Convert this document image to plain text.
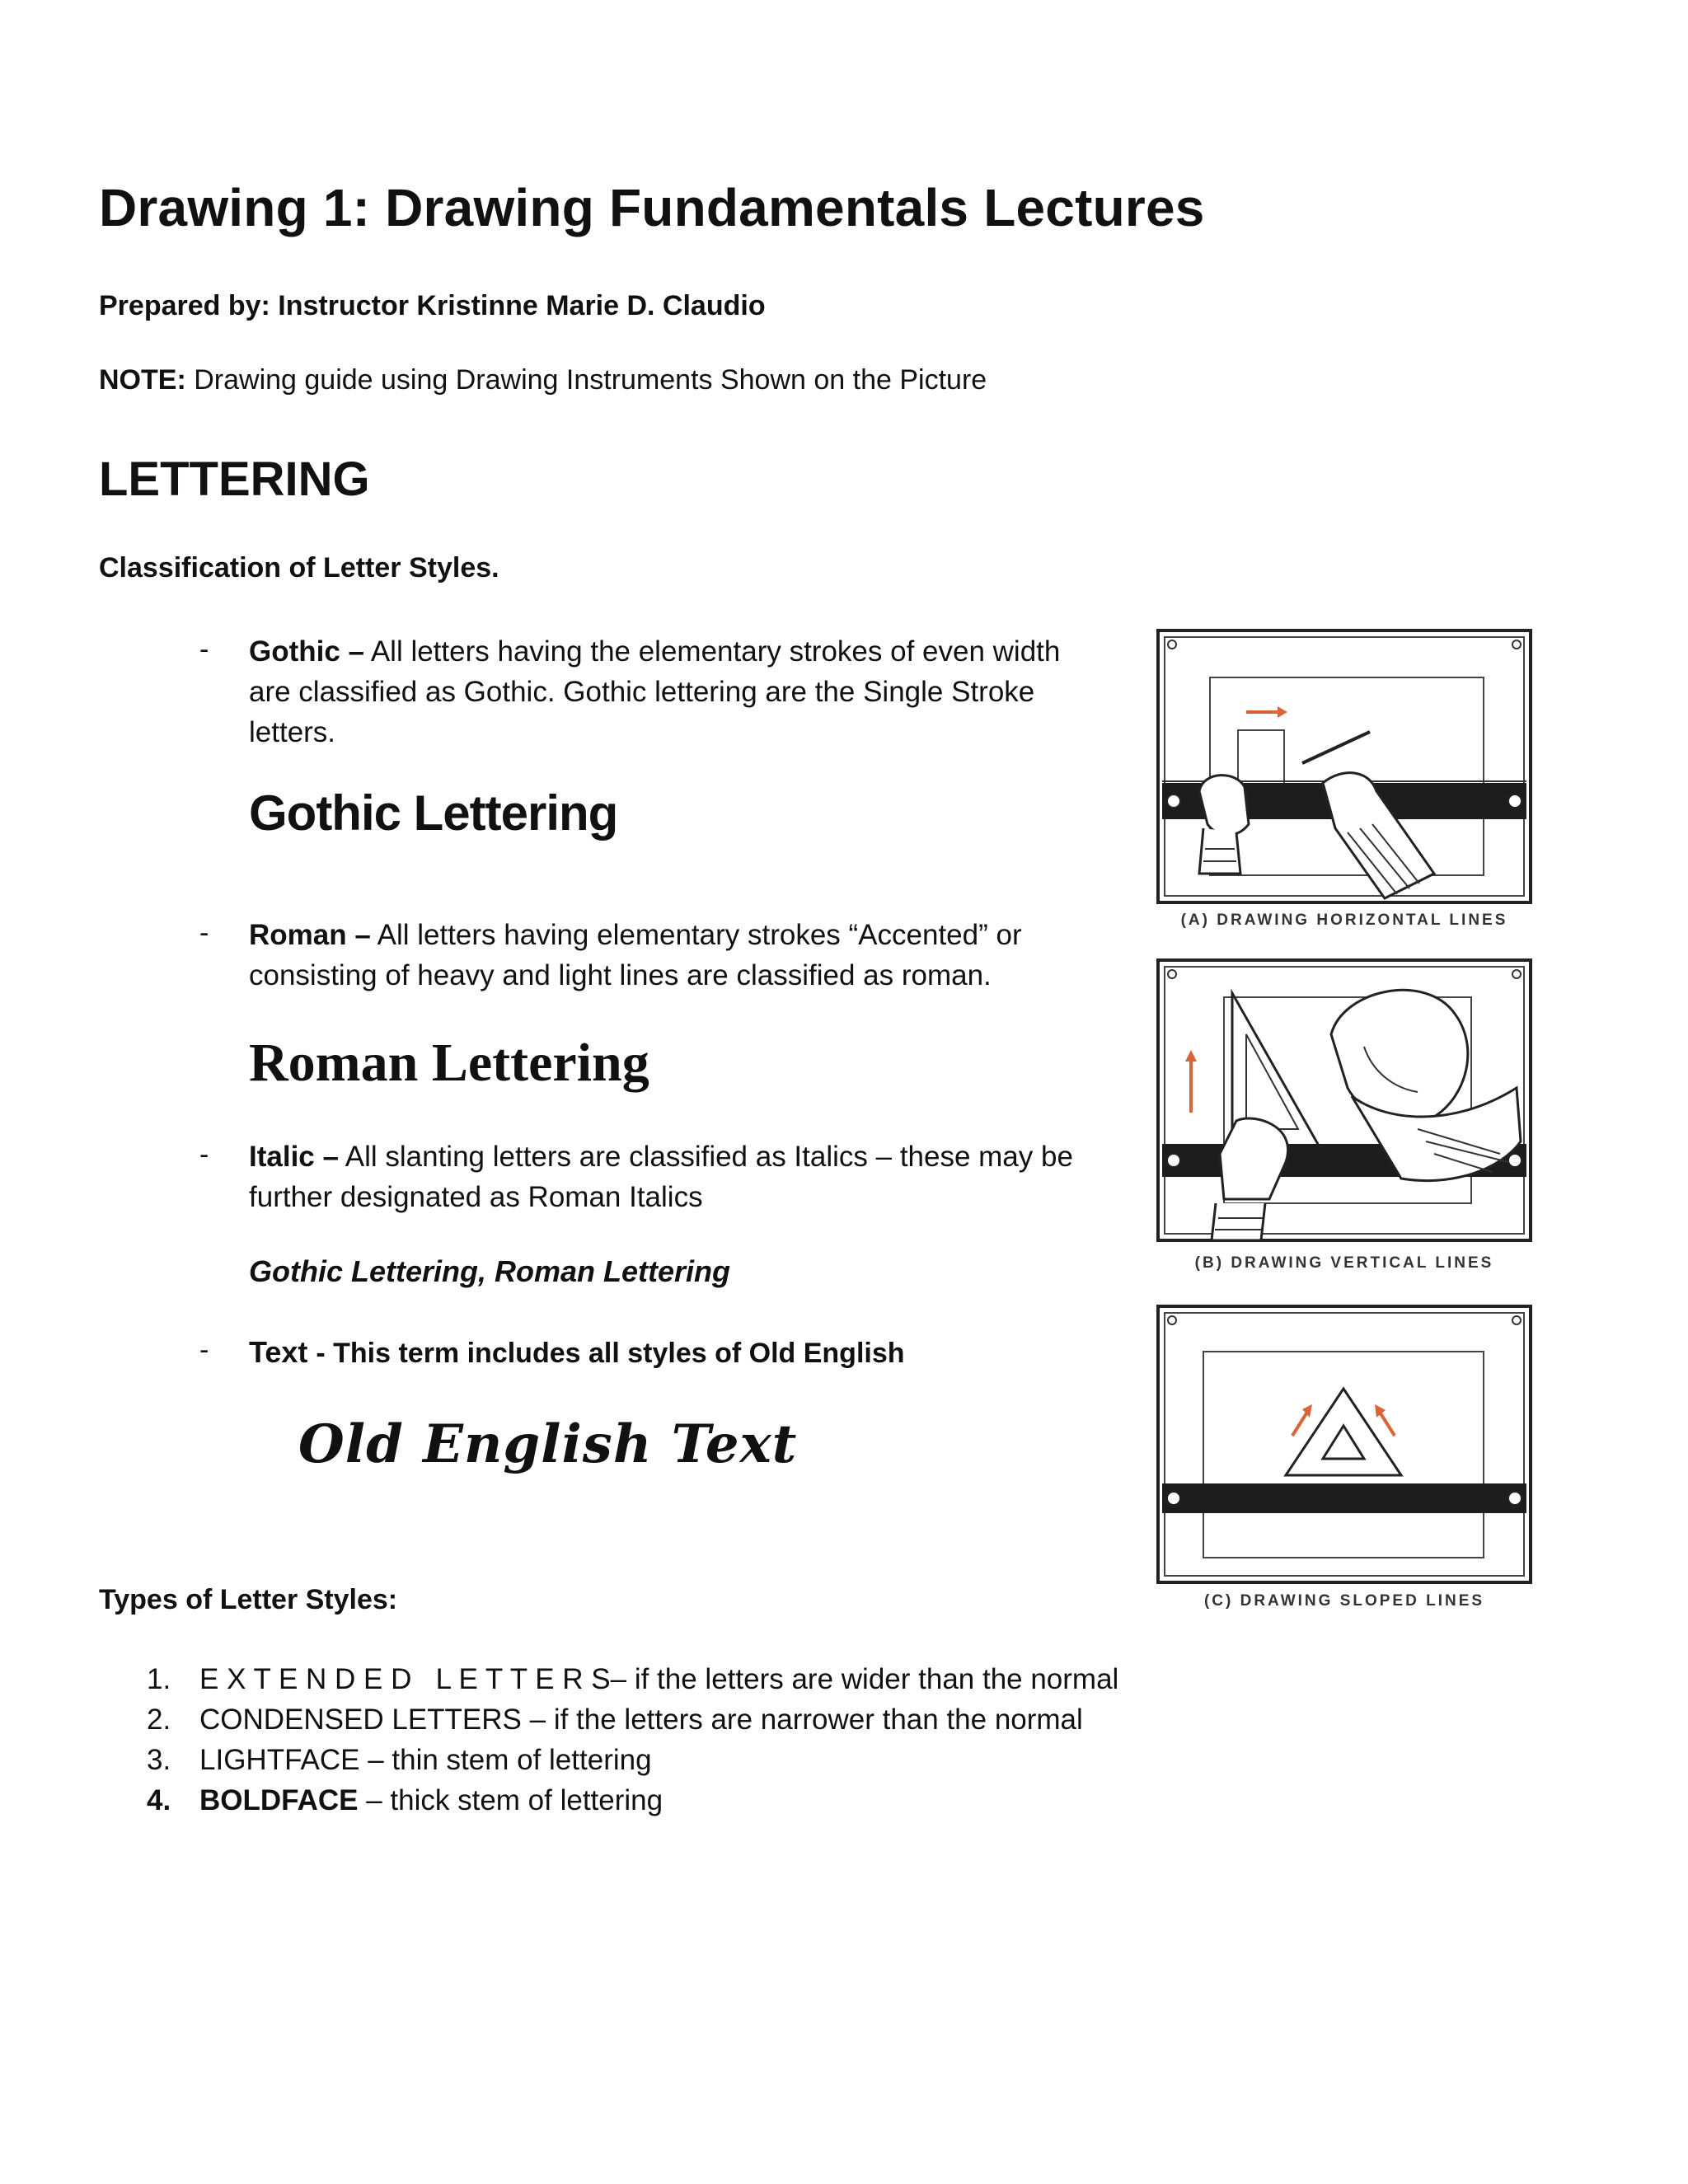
Drawing 1: Drawing Fundamentals Lectures
Prepared by: Instructor Kristinne Marie D. Claudio
NOTE: Drawing guide using Drawing Instruments Shown on the Picture
LETTERING
Classification of Letter Styles.
- Gothic – All letters having the elementary strokes of even width are classified as Gothic. Gothic lettering are the Single Stroke letters.
Gothic Lettering
- Roman – All letters having elementary strokes “Accented” or consisting of heavy and light lines are classified as roman.
Roman Lettering
- Italic – All slanting letters are classified as Italics – these may be further designated as Roman Italics
Gothic Lettering, Roman Lettering
- Text - This term includes all styles of Old English
Old English Text
Types of Letter Styles:
1. E X T E N D E D   L E T T E R S – if the letters are wider than the normal
2. CONDENSED LETTERS – if the letters are narrower than the normal
3. LIGHTFACE – thin stem of lettering
4. BOLDFACE – thick stem of lettering
(A) DRAWING HORIZONTAL LINES
(B) DRAWING VERTICAL LINES
(C) DRAWING SLOPED LINES
